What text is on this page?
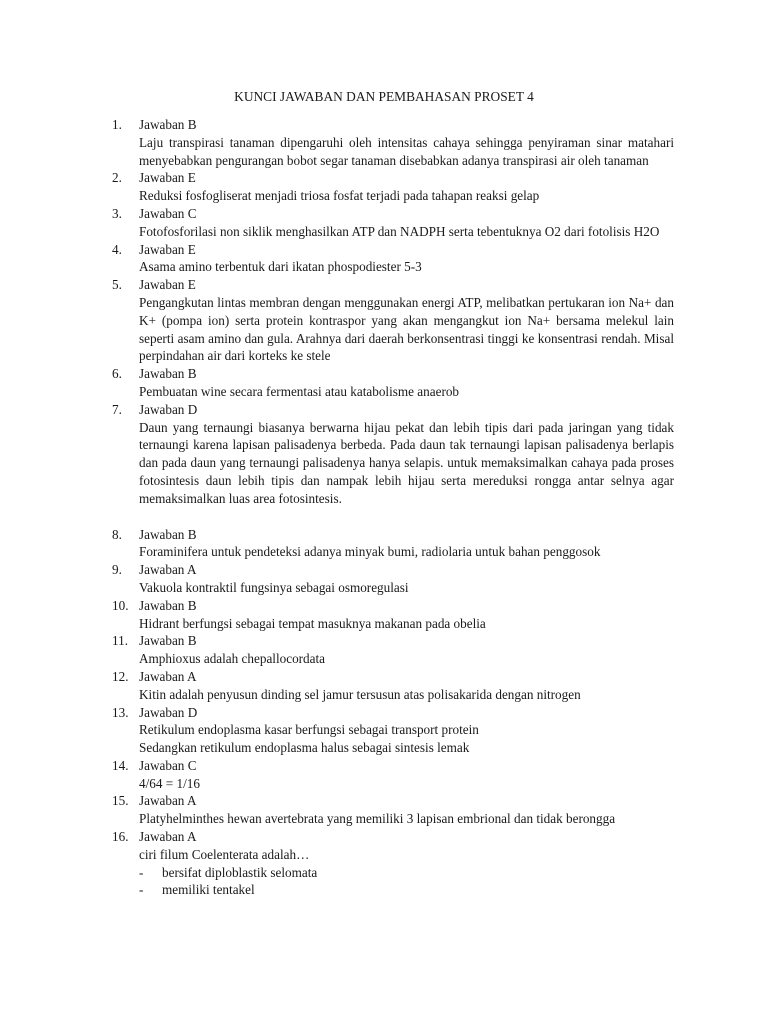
KUNCI JAWABAN DAN PEMBAHASAN PROSET 4
1. Jawaban B
Laju transpirasi tanaman dipengaruhi oleh intensitas cahaya sehingga penyiraman sinar matahari menyebabkan pengurangan bobot segar tanaman disebabkan adanya transpirasi air oleh tanaman
2. Jawaban E
Reduksi fosfogliserat menjadi triosa fosfat terjadi pada tahapan reaksi gelap
3. Jawaban C
Fotofosforilasi non siklik menghasilkan ATP dan NADPH serta tebentuknya O2 dari fotolisis H2O
4. Jawaban E
Asama amino terbentuk dari ikatan phospodiester 5-3
5. Jawaban E
Pengangkutan lintas membran dengan menggunakan energi ATP, melibatkan pertukaran ion Na+ dan K+ (pompa ion) serta protein kontraspor yang akan mengangkut ion Na+ bersama melekul lain seperti asam amino dan gula. Arahnya dari daerah berkonsentrasi tinggi ke konsentrasi rendah. Misal perpindahan air dari korteks ke stele
6. Jawaban B
Pembuatan wine secara fermentasi atau katabolisme anaerob
7. Jawaban D
Daun yang ternaungi biasanya berwarna hijau pekat dan lebih tipis dari pada jaringan yang tidak ternaungi karena lapisan palisadenya berbeda. Pada daun tak ternaungi lapisan palisadenya berlapis dan pada daun yang ternaungi palisadenya hanya selapis. untuk memaksimalkan cahaya pada proses fotosintesis daun lebih tipis dan nampak lebih hijau serta mereduksi rongga antar selnya agar memaksimalkan luas area fotosintesis.
8. Jawaban B
Foraminifera untuk pendeteksi adanya minyak bumi, radiolaria untuk bahan penggosok
9. Jawaban A
Vakuola kontraktil fungsinya sebagai osmoregulasi
10. Jawaban B
Hidrant berfungsi sebagai tempat masuknya makanan pada obelia
11. Jawaban B
Amphioxus adalah chepallocordata
12. Jawaban A
Kitin adalah penyusun dinding sel jamur tersusun atas polisakarida dengan nitrogen
13. Jawaban D
Retikulum endoplasma kasar berfungsi sebagai transport protein
Sedangkan retikulum endoplasma halus sebagai sintesis lemak
14. Jawaban C
4/64 = 1/16
15. Jawaban A
Platyhelminthes hewan avertebrata yang memiliki 3 lapisan embrional dan tidak berongga
16. Jawaban A
ciri filum Coelenterata adalah…
- bersifat diploblastik selomata
- memiliki tentakel
